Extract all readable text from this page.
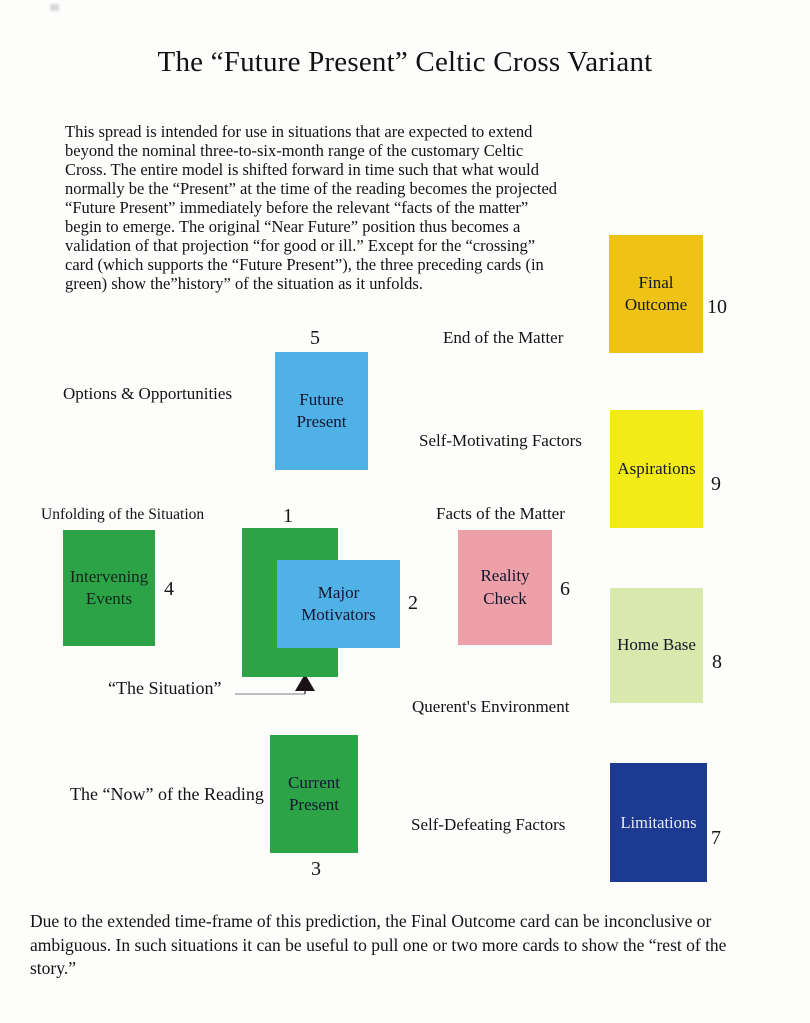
The “Future Present” Celtic Cross Variant
This spread is intended for use in situations that are expected to extend
beyond the nominal three-to-six-month range of the customary Celtic
Cross. The entire model is shifted forward in time such that what would
normally be the “Present” at the time of the reading becomes the projected
“Future Present” immediately before the relevant “facts of the matter”
begin to emerge. The original “Near Future” position thus becomes a
validation of that projection “for good or ill.” Except for the “crossing”
card (which supports the “Future Present”), the three preceding cards (in
green) show the”history” of the situation as it unfolds.
Major Motivators
Current Present
Intervening Events
Future Present
Reality Check
Limitations
Home Base
Aspirations
Final Outcome
1
2
3
4
5
6
7
8
9
10
End of the Matter
Options & Opportunities
Self-Motivating Factors
Unfolding of the Situation	Facts of the Matter
“The Situation”
Querent's Environment
The “Now” of the Reading
Self-Defeating Factors
Due to the extended time-frame of this prediction, the Final Outcome card can be inconclusive or
ambiguous. In such situations it can be useful to pull one or two more cards to show the “rest of the
story.”
